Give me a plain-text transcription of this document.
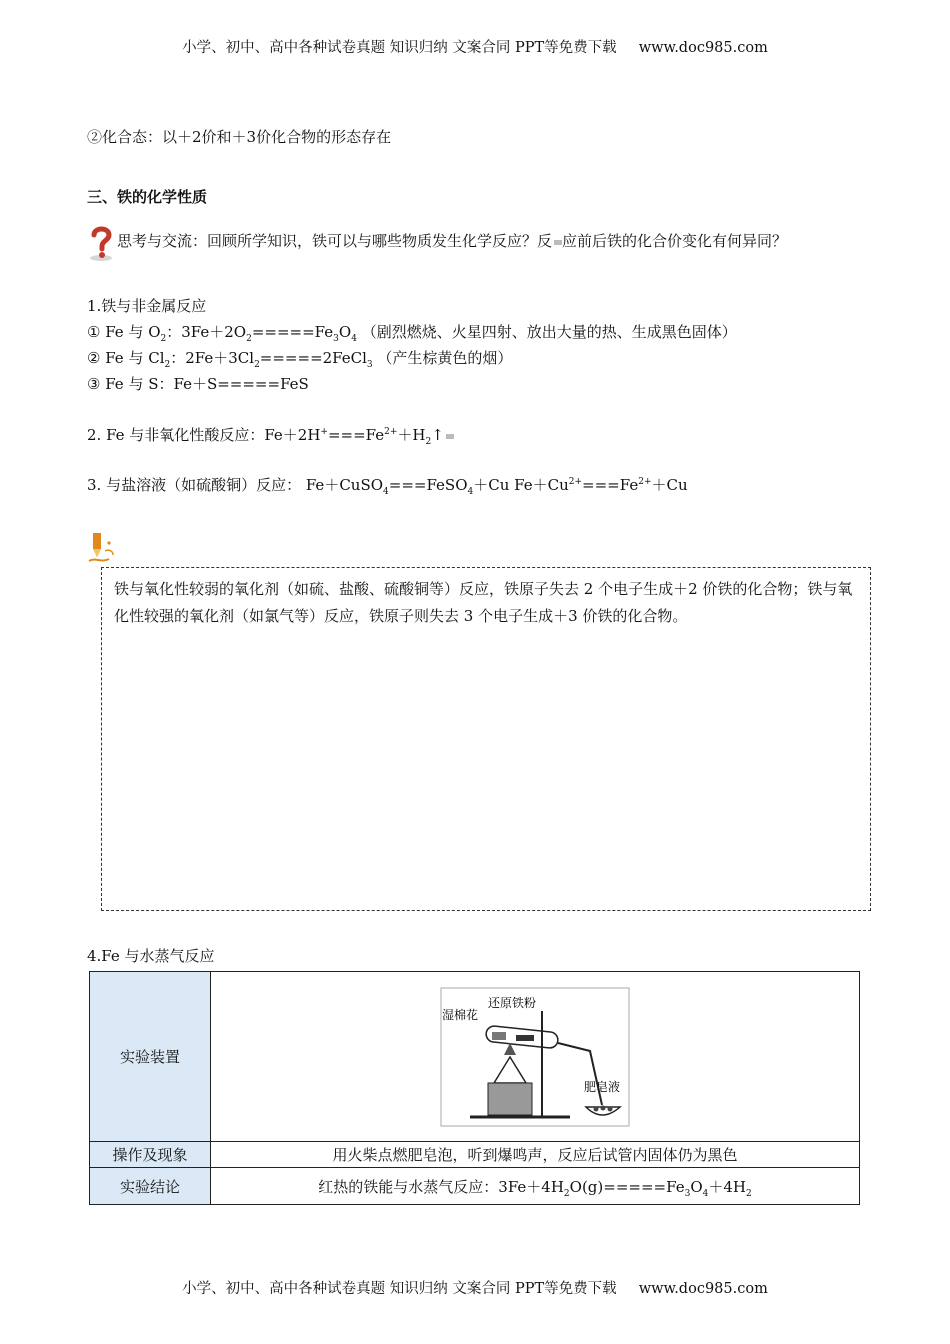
小学、初中、高中各种试卷真题 知识归纳 文案合同 PPT等免费下载 www.doc985.com
②化合态：以＋2价和＋3价化合物的形态存在
三、铁的化学性质
思考与交流：回顾所学知识，铁可以与哪些物质发生化学反应？反 应前后铁的化合价变化有何异同？
1.铁与非金属反应
① Fe 与 $O_2$：$3Fe+2O_2=====Fe_3O_4$ （剧烈燃烧、火星四射、放出大量的热、生成黑色固体）
② Fe 与 $Cl_2$：$2Fe+3Cl_2=====2FeCl_3$ （产生棕黄色的烟）
③ Fe 与 S：Fe＋S=====FeS
2. Fe 与非氧化性酸反应：$Fe+2H^+===Fe^{2+}+H_2↑$
3. 与盐溶液（如硫酸铜）反应： Fe＋CuSO$_4$===FeSO$_4$＋Cu $Fe+Cu^{2+}===Fe^{2+}+Cu$
铁与氧化性较弱的氧化剂（如硫、盐酸、硫酸铜等）反应，铁原子失去 2 个电子生成＋2 价铁的化合物；铁与氧化性较强的氧化剂（如氯气等）反应，铁原子则失去 3 个电子生成＋3 价铁的化合物。
4.Fe 与水蒸气反应
实验装置	湿棉花
还原铁粉
肥皂液

操作及现象	用火柴点燃肥皂泡，听到爆鸣声，反应后试管内固体仍为黑色
实验结论	红热的铁能与水蒸气反应：$3Fe+4H_2O(g)=====Fe_3O_4+4H_2$
小学、初中、高中各种试卷真题 知识归纳 文案合同 PPT等免费下载 www.doc985.com
